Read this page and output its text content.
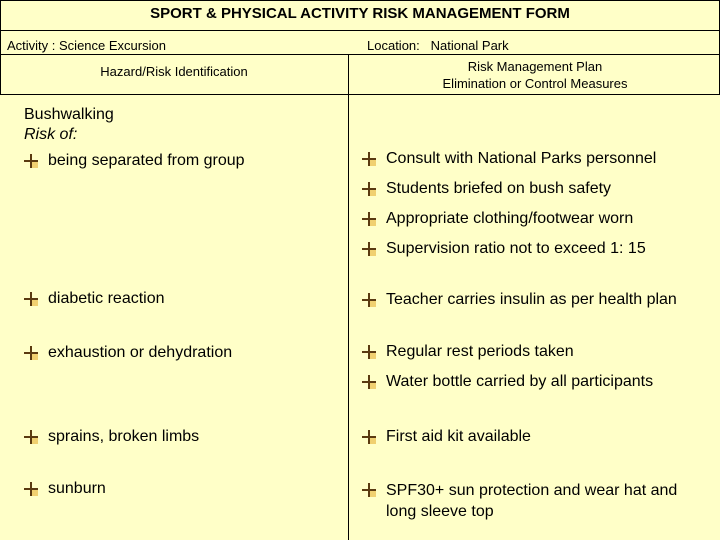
SPORT & PHYSICAL ACTIVITY RISK MANAGEMENT FORM
Activity : Science Excursion	Location:   National Park
Hazard/Risk Identification	Risk Management Plan
Elimination or Control Measures
Bushwalking
Risk of:
being separated from group
diabetic reaction
exhaustion or dehydration
sprains, broken limbs
sunburn
Consult with National Parks personnel
Students briefed on bush safety
Appropriate clothing/footwear worn
Supervision ratio not to exceed 1: 15
Teacher carries insulin as per health plan
Regular rest periods taken
Water bottle carried by all participants
First aid kit available
SPF30+ sun protection and wear hat and long sleeve top
